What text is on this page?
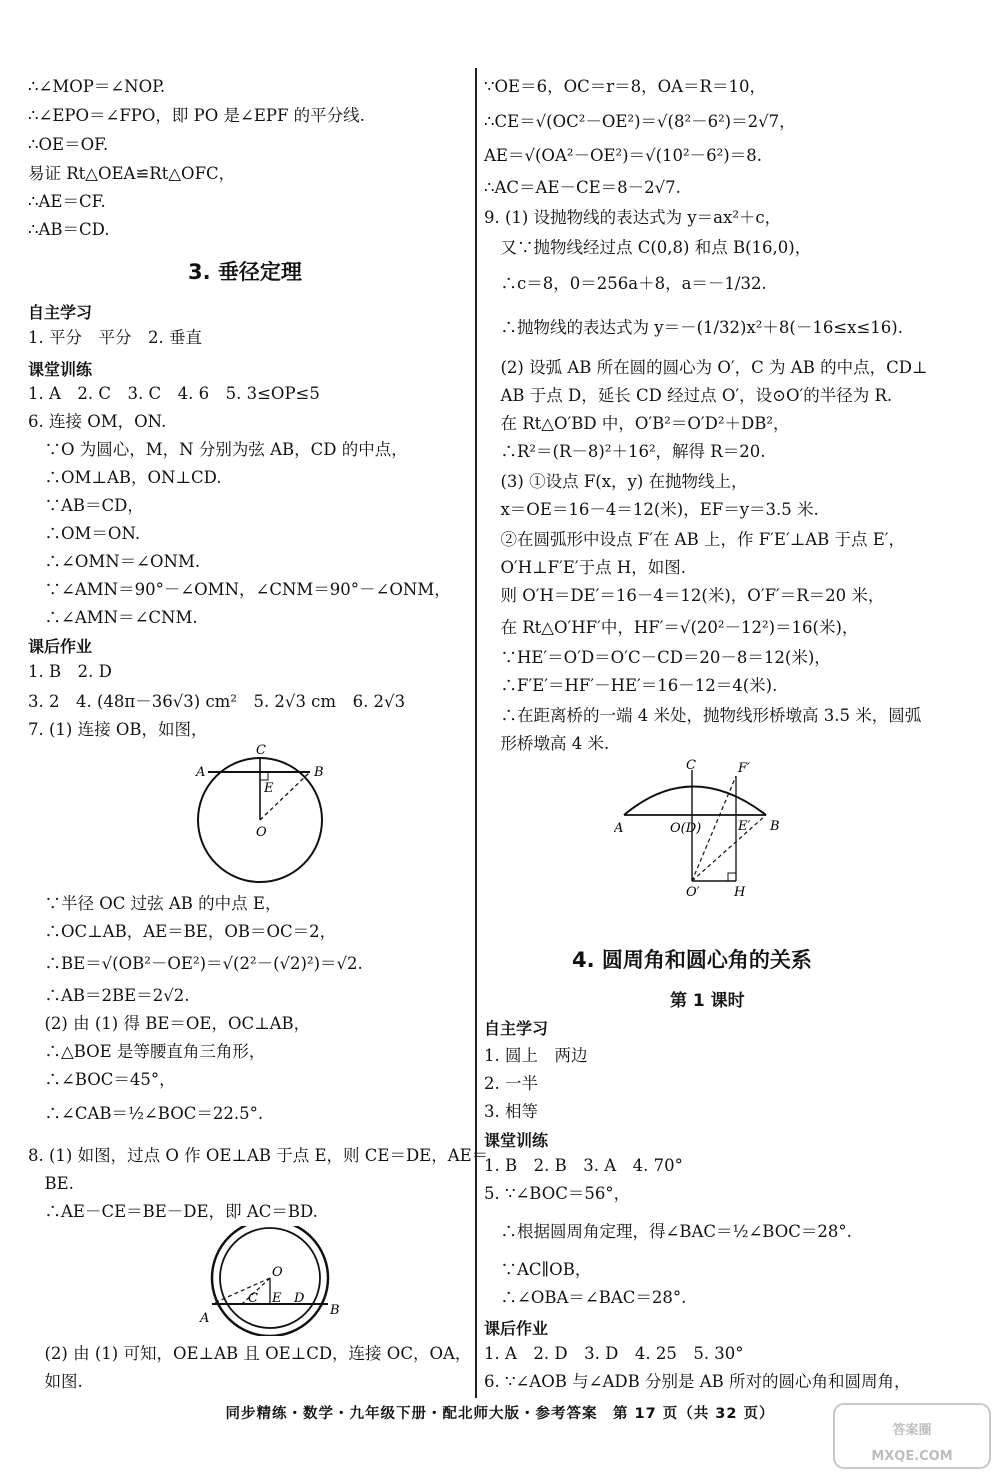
∴∠MOP＝∠NOP.
∴∠EPO＝∠FPO，即 PO 是∠EPF 的平分线.
∴OE＝OF.
易证 Rt△OEA≌Rt△OFC，
∴AE＝CF.
∴AB＝CD.
3. 垂径定理
自主学习
1. 平分　平分　2. 垂直
课堂训练
1. A　2. C　3. C　4. 6　5. 3≤OP≤5
6. 连接 OM，ON.
　∵O 为圆心，M，N 分别为弦 AB，CD 的中点，
　∴OM⊥AB，ON⊥CD.
　∵AB＝CD，
　∴OM＝ON.
　∴∠OMN＝∠ONM.
　∵∠AMN＝90°－∠OMN，∠CNM＝90°－∠ONM，
　∴∠AMN＝∠CNM.
课后作业
1. B　2. D
3. 2　4. (48π－36√3) cm²　5. 2√3 cm　6. 2√3
7. (1) 连接 OB，如图，
C
A	B
E
O
　∵半径 OC 过弦 AB 的中点 E，
　∴OC⊥AB，AE＝BE，OB＝OC＝2，
　∴BE＝√(OB²－OE²)＝√(2²－(√2)²)＝√2.
　∴AB＝2BE＝2√2.
　(2) 由 (1) 得 BE＝OE，OC⊥AB，
　∴△BOE 是等腰直角三角形，
　∴∠BOC＝45°，
　∴∠CAB＝½∠BOC＝22.5°.
8. (1) 如图，过点 O 作 OE⊥AB 于点 E，则 CE＝DE，AE＝
　BE.
　∴AE－CE＝BE－DE，即 AC＝BD.
O
A
C E D
B
　(2) 由 (1) 可知，OE⊥AB 且 OE⊥CD，连接 OC，OA，
　如图.
∵OE＝6，OC＝r＝8，OA＝R＝10，
∴CE＝√(OC²－OE²)＝√(8²－6²)＝2√7，
AE＝√(OA²－OE²)＝√(10²－6²)＝8.
∴AC＝AE－CE＝8－2√7.
9. (1) 设抛物线的表达式为 y＝ax²＋c，
　又∵抛物线经过点 C(0,8) 和点 B(16,0)，
　∴c＝8，0＝256a＋8，a＝－1/32.
　∴抛物线的表达式为 y＝－(1/32)x²＋8(－16≤x≤16).
　(2) 设弧 AB 所在圆的圆心为 O′，C 为 AB 的中点，CD⊥
　AB 于点 D，延长 CD 经过点 O′，设⊙O′的半径为 R.
　在 Rt△O′BD 中，O′B²＝O′D²＋DB²，
　∴R²＝(R－8)²＋16²，解得 R＝20.
　(3) ①设点 F(x，y) 在抛物线上，
　x＝OE＝16－4＝12(米)，EF＝y＝3.5 米.
　②在圆弧形中设点 F′在 AB 上，作 F′E′⊥AB 于点 E′，
　O′H⊥F′E′于点 H，如图.
　则 O′H＝DE′＝16－4＝12(米)，O′F′＝R＝20 米，
　在 Rt△O′HF′中，HF′＝√(20²－12²)＝16(米)，
　∵HE′＝O′D＝O′C－CD＝20－8＝12(米)，
　∴F′E′＝HF′－HE′＝16－12＝4(米).
　∴在距离桥的一端 4 米处，抛物线形桥墩高 3.5 米，圆弧
　形桥墩高 4 米.
C	F′
A	O(D)	E′ B
O′	H
4. 圆周角和圆心角的关系
第 1 课时
自主学习
1. 圆上　两边
2. 一半
3. 相等
课堂训练
1. B　2. B　3. A　4. 70°
5. ∵∠BOC＝56°，
　∴根据圆周角定理，得∠BAC＝½∠BOC＝28°.
　∵AC∥OB，
　∴∠OBA＝∠BAC＝28°.
课后作业
1. A　2. D　3. D　4. 25　5. 30°
6. ∵∠AOB 与∠ADB 分别是 AB 所对的圆心角和圆周角，
同步精练・数学・九年级下册・配北师大版・参考答案　第 17 页（共 32 页）
答案圈
MXQE.COM
